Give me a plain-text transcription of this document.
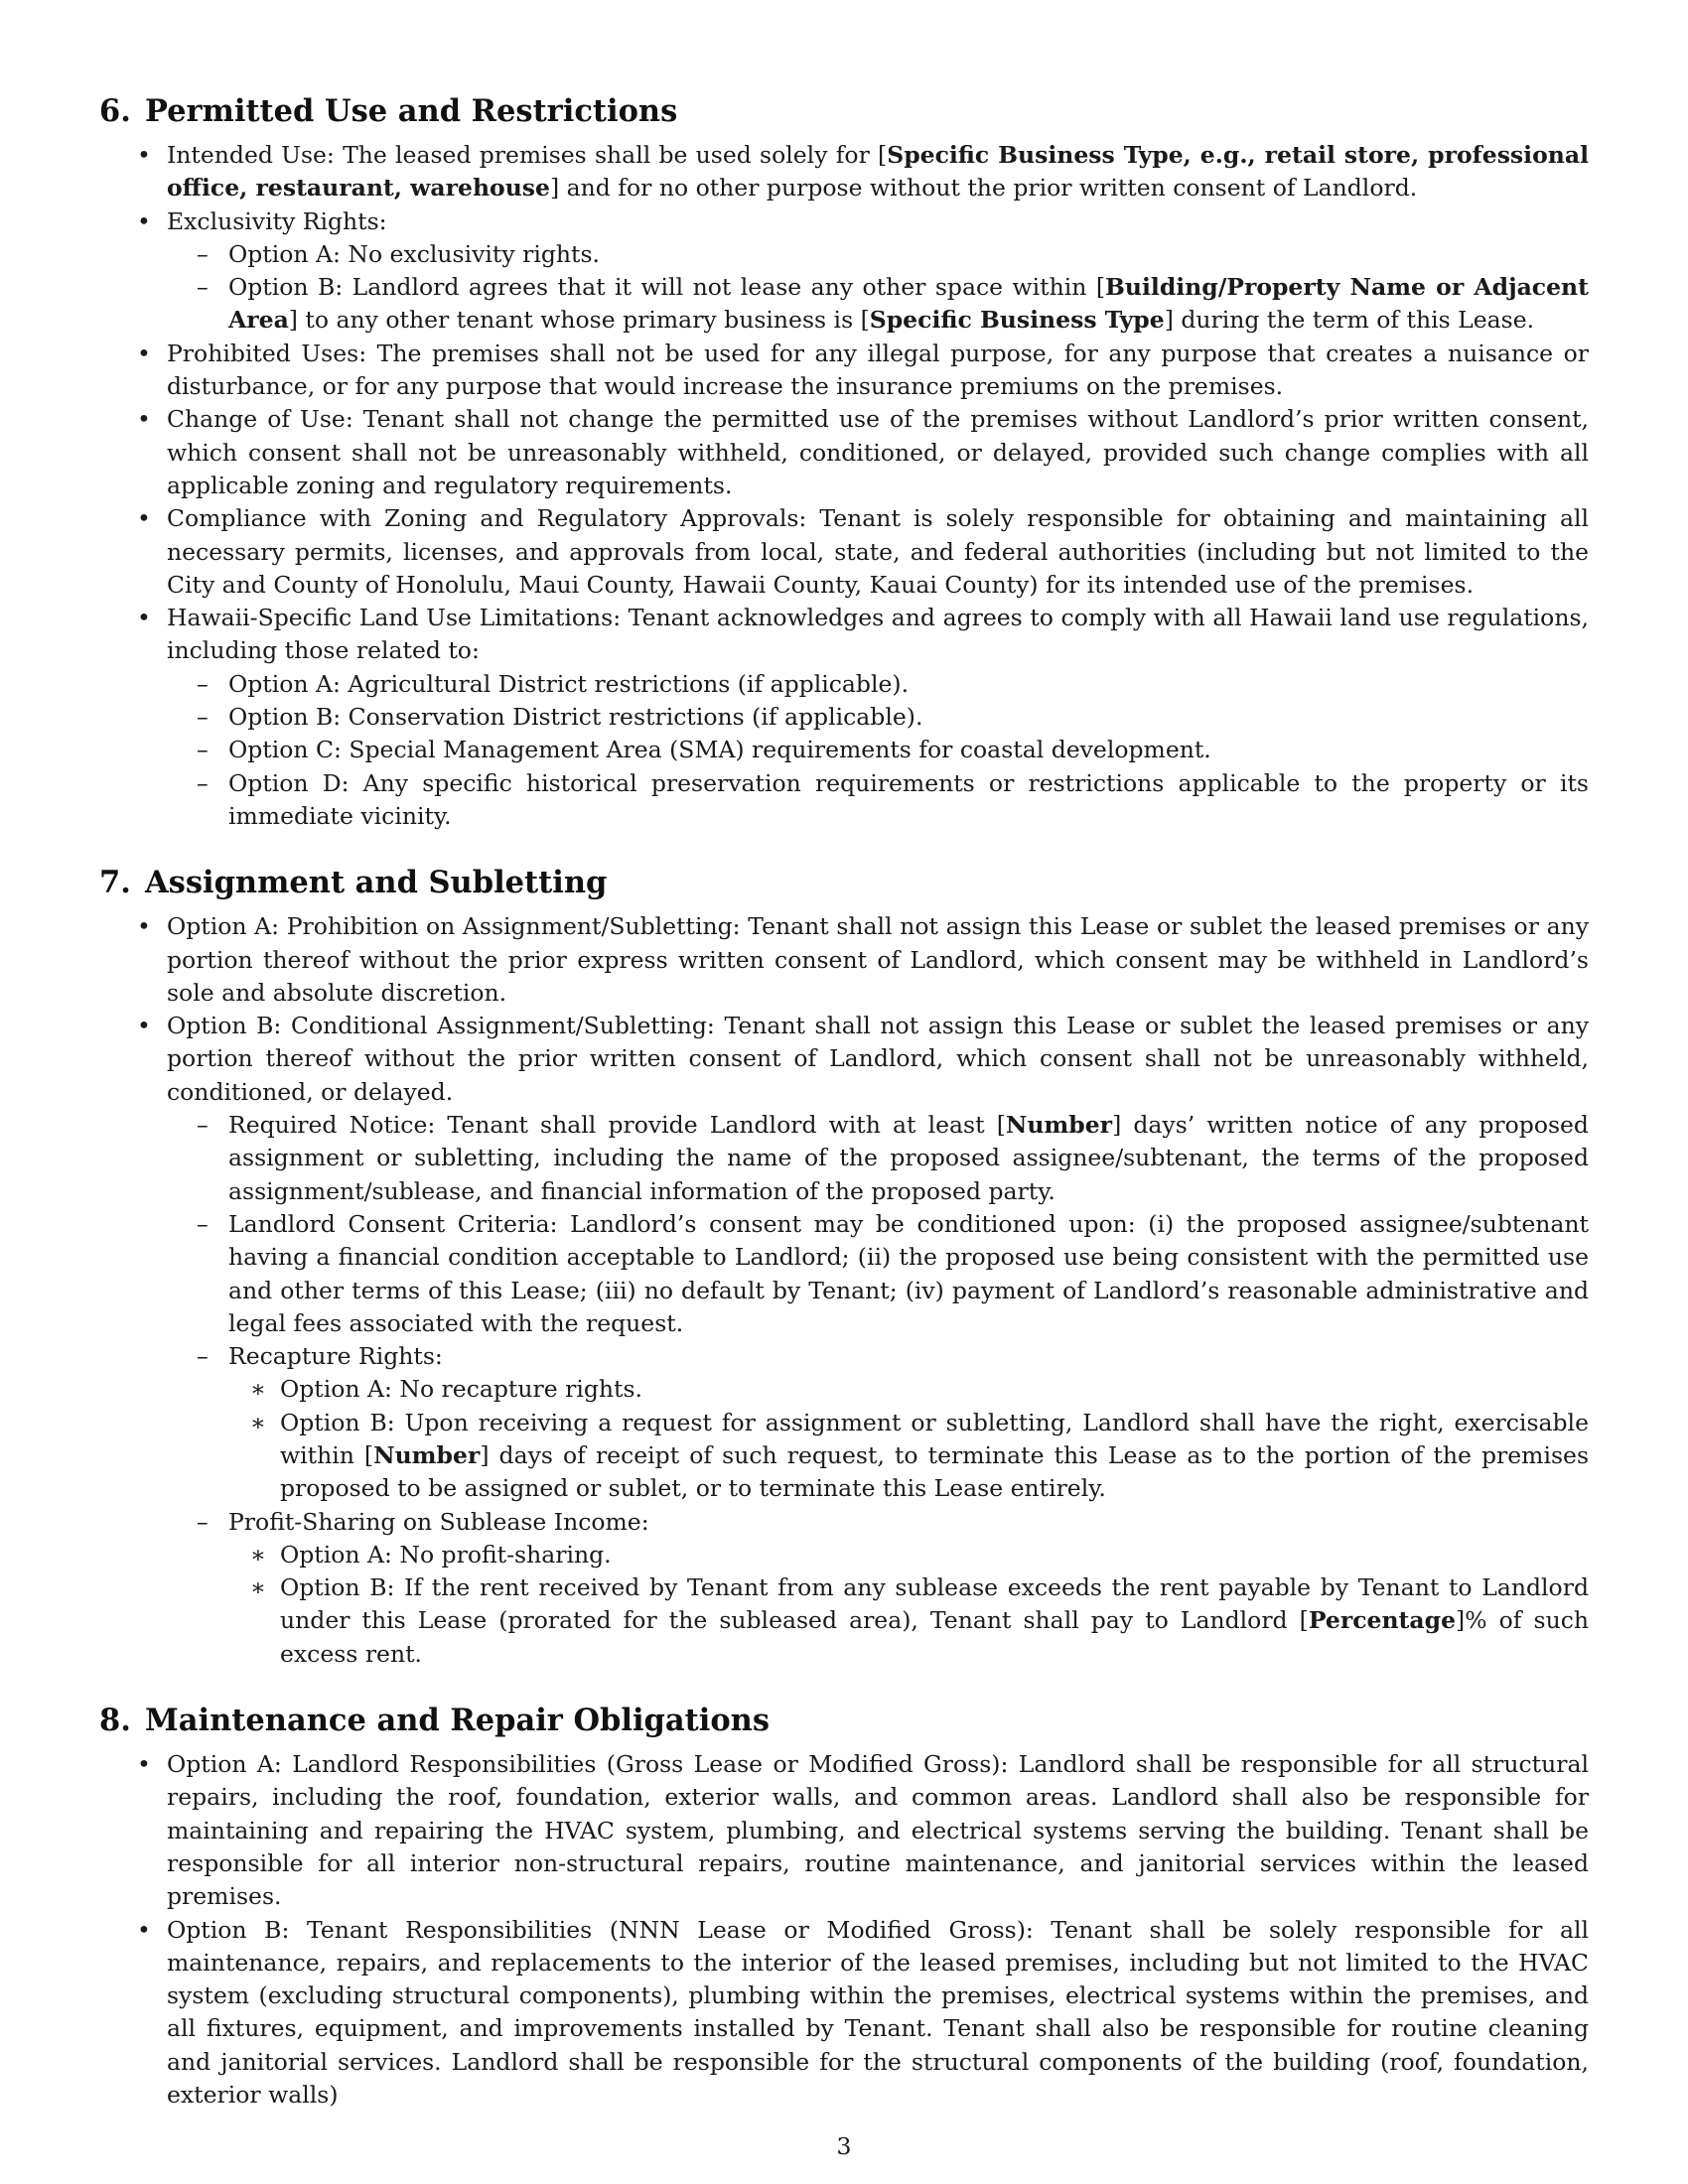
6. Permitted Use and Restrictions
• Intended Use: The leased premises shall be used solely for [Specific Business Type, e.g., retail store, professional office, restaurant, warehouse] and for no other purpose without the prior written consent of Landlord.
• Exclusivity Rights:
– Option A: No exclusivity rights.
– Option B: Landlord agrees that it will not lease any other space within [Building/Property Name or Adjacent Area] to any other tenant whose primary business is [Specific Business Type] during the term of this Lease.
• Prohibited Uses: The premises shall not be used for any illegal purpose, for any purpose that creates a nuisance or disturbance, or for any purpose that would increase the insurance premiums on the premises.
• Change of Use: Tenant shall not change the permitted use of the premises without Landlord’s prior written consent, which consent shall not be unreasonably withheld, conditioned, or delayed, provided such change complies with all applicable zoning and regulatory requirements.
• Compliance with Zoning and Regulatory Approvals: Tenant is solely responsible for obtaining and maintaining all necessary permits, licenses, and approvals from local, state, and federal authorities (including but not limited to the City and County of Honolulu, Maui County, Hawaii County, Kauai County) for its intended use of the premises.
• Hawaii-Specific Land Use Limitations: Tenant acknowledges and agrees to comply with all Hawaii land use regulations, including those related to:
– Option A: Agricultural District restrictions (if applicable).
– Option B: Conservation District restrictions (if applicable).
– Option C: Special Management Area (SMA) requirements for coastal development.
– Option D: Any specific historical preservation requirements or restrictions applicable to the property or its immediate vicinity.
7. Assignment and Subletting
• Option A: Prohibition on Assignment/Subletting: Tenant shall not assign this Lease or sublet the leased premises or any portion thereof without the prior express written consent of Landlord, which consent may be withheld in Landlord’s sole and absolute discretion.
• Option B: Conditional Assignment/Subletting: Tenant shall not assign this Lease or sublet the leased premises or any portion thereof without the prior written consent of Landlord, which consent shall not be unreasonably withheld, conditioned, or delayed.
– Required Notice: Tenant shall provide Landlord with at least [Number] days’ written notice of any proposed assignment or subletting, including the name of the proposed assignee/subtenant, the terms of the proposed assignment/sublease, and financial information of the proposed party.
– Landlord Consent Criteria: Landlord’s consent may be conditioned upon: (i) the proposed assignee/subtenant having a financial condition acceptable to Landlord; (ii) the proposed use being consistent with the permitted use and other terms of this Lease; (iii) no default by Tenant; (iv) payment of Landlord’s reasonable administrative and legal fees associated with the request.
– Recapture Rights:
∗ Option A: No recapture rights.
∗ Option B: Upon receiving a request for assignment or subletting, Landlord shall have the right, exercisable within [Number] days of receipt of such request, to terminate this Lease as to the portion of the premises proposed to be assigned or sublet, or to terminate this Lease entirely.
– Profit-Sharing on Sublease Income:
∗ Option A: No profit-sharing.
∗ Option B: If the rent received by Tenant from any sublease exceeds the rent payable by Tenant to Landlord under this Lease (prorated for the subleased area), Tenant shall pay to Landlord [Percentage]% of such excess rent.
8. Maintenance and Repair Obligations
• Option A: Landlord Responsibilities (Gross Lease or Modified Gross): Landlord shall be responsible for all structural repairs, including the roof, foundation, exterior walls, and common areas. Landlord shall also be responsible for maintaining and repairing the HVAC system, plumbing, and electrical systems serving the building. Tenant shall be responsible for all interior non-structural repairs, routine maintenance, and janitorial services within the leased premises.
• Option B: Tenant Responsibilities (NNN Lease or Modified Gross): Tenant shall be solely responsible for all maintenance, repairs, and replacements to the interior of the leased premises, including but not limited to the HVAC system (excluding structural components), plumbing within the premises, electrical systems within the premises, and all fixtures, equipment, and improvements installed by Tenant. Tenant shall also be responsible for routine cleaning and janitorial services. Landlord shall be responsible for the structural components of the building (roof, foundation, exterior walls)
3
